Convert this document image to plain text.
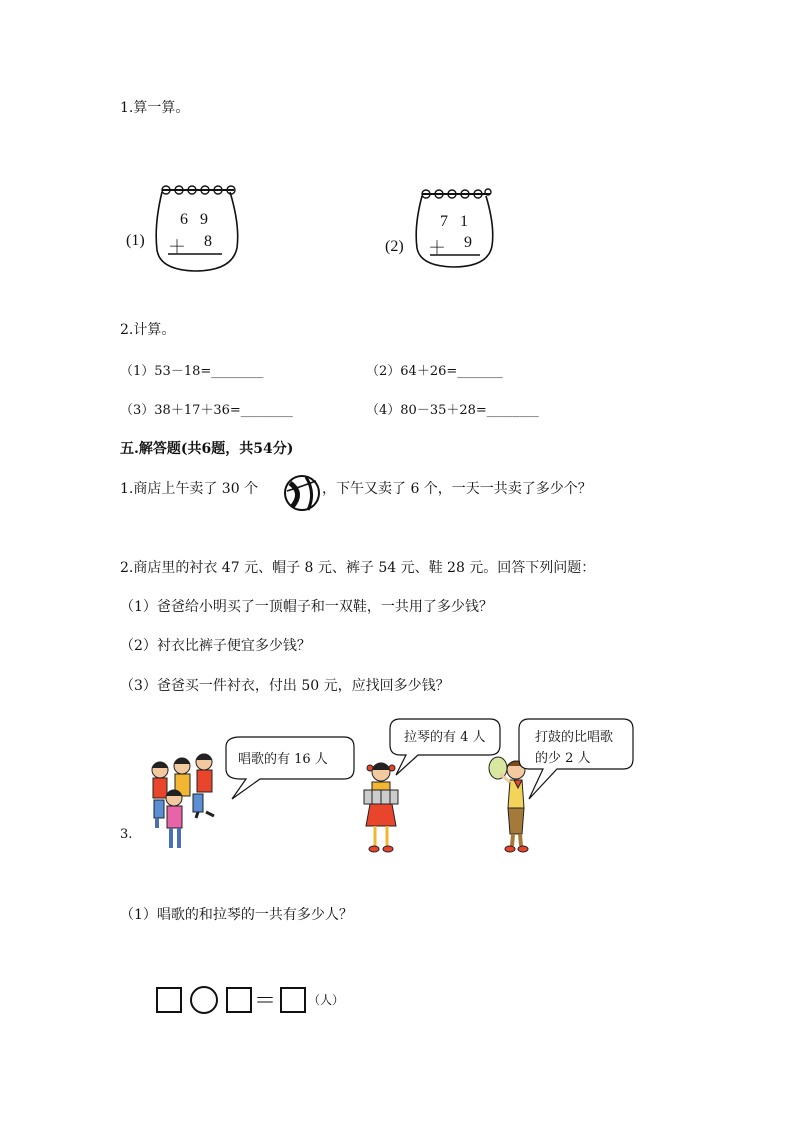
1.算一算。
(1)
6 9
＋ 8	(2)
7 1
＋ 9
2.计算。
（1）53－18=________	（2）64＋26=_______
（3）38＋17＋36=________	（4）80－35＋28=________
五.解答题(共6题，共54分)
1.商店上午卖了 30 个	，下午又卖了 6 个，一天一共卖了多少个？
2.商店里的衬衣 47 元、帽子 8 元、裤子 54 元、鞋 28 元。回答下列问题：
（1）爸爸给小明买了一顶帽子和一双鞋，一共用了多少钱？
（2）衬衣比裤子便宜多少钱？
（3）爸爸买一件衬衣，付出 50 元，应找回多少钱？
3.
唱歌的有 16 人
拉琴的有 4 人	打鼓的比唱歌
的少 2 人
（1）唱歌的和拉琴的一共有多少人？
＝	（人）
